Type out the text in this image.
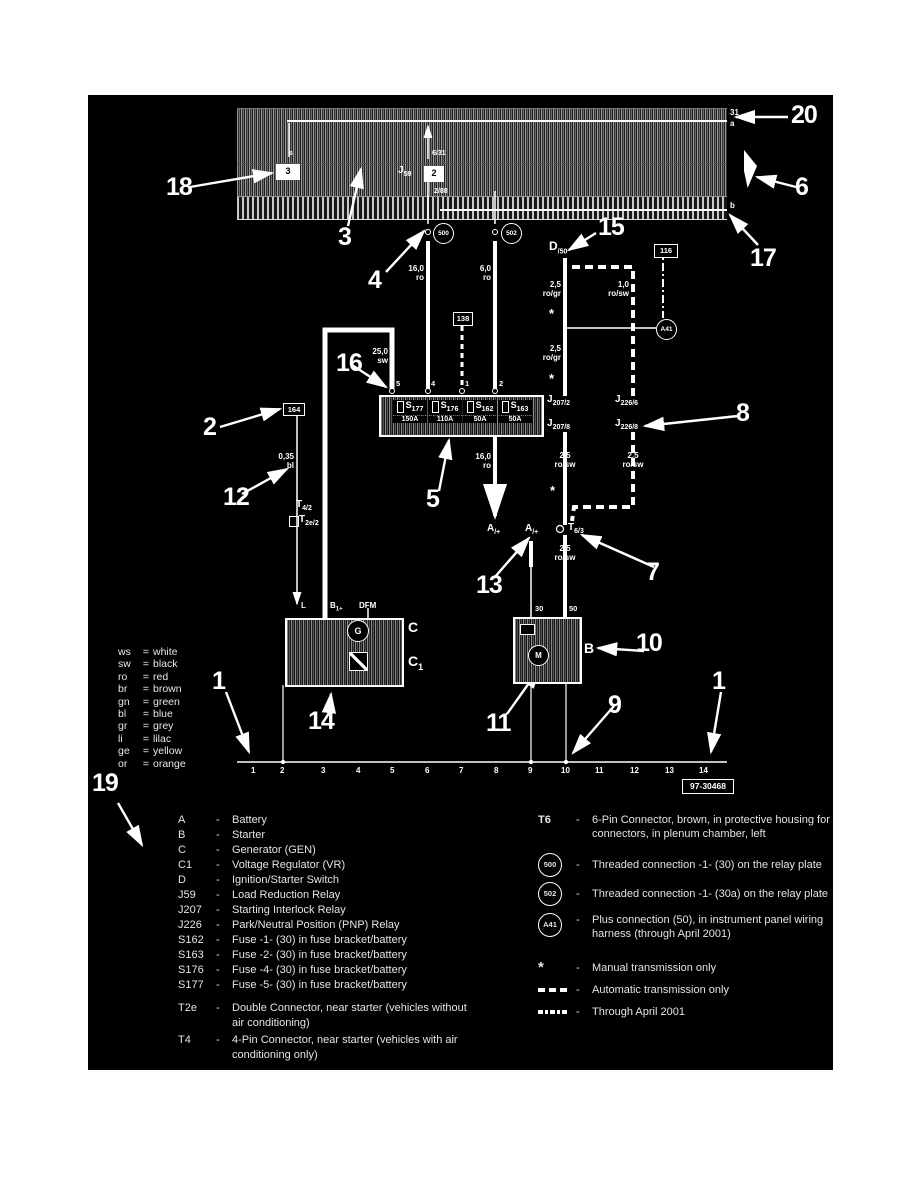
3
s
$J_{59}$	2
6/31
2/88
31
a
b
500	502
A41
116
138
164
16,0
ro
6,0
ro
2,5
ro/gr
1,0
ro/sw
2,5
ro/gr
25,0
sw
0,35
bl
16,0
ro
2,5
ro/sw
2,5
ro/sw
2,5
ro/sw
*
*
*
$D_{/50}$
$T_{4/2}$
$T_{2e/2}$	$T_{6/3}$
$J_{207/2}$
$J_{207/8}$
$J_{226/6}$
$J_{226/8}$
$A_{/+}$ $A_{/+}$
5	4	1	2
$S_{177}$
150A
$S_{176}$
110A
$S_{162}$
50A
$S_{163}$
50A
L	$B_{1+}$ DFM
G	C
$C_1$
30	50
M	B
1	2	3	4	5	6	7	8	9	10	11	12	13	14
97-30468
18
3
4
20
6
17
15
16
2
12	5
8
13	7
14	11
10
9
1	1
19
ws	= white
sw	= black
ro	= red
br	= brown
gn	= green
bl	= blue
gr	= grey
li	= lilac
ge	= yellow
or	= orange
A	-	Battery
B	-	Starter
C	-	Generator (GEN)
C1	-	Voltage Regulator (VR)
D	-	Ignition/Starter Switch
J59	-	Load Reduction Relay
J207	-	Starting Interlock Relay
J226	-	Park/Neutral Position (PNP) Relay
S162	-	Fuse -1- (30) in fuse bracket/battery
S163	-	Fuse -2- (30) in fuse bracket/battery
S176	-	Fuse -4- (30) in fuse bracket/battery
S177	-	Fuse -5- (30) in fuse bracket/battery
T2e	-	Double Connector, near starter (vehicles without air conditioning)
T4	-	4-Pin Connector, near starter (vehicles with air conditioning only)
T6	-	6-Pin Connector, brown, in protective housing for connectors, in plenum chamber, left
500	-	Threaded connection -1- (30) on the relay plate
502	-	Threaded connection -1- (30a) on the relay plate
A41	-	Plus connection (50), in instrument panel wiring harness (through April 2001)
*	-	Manual transmission only
-	Automatic transmission only
-	Through April 2001
